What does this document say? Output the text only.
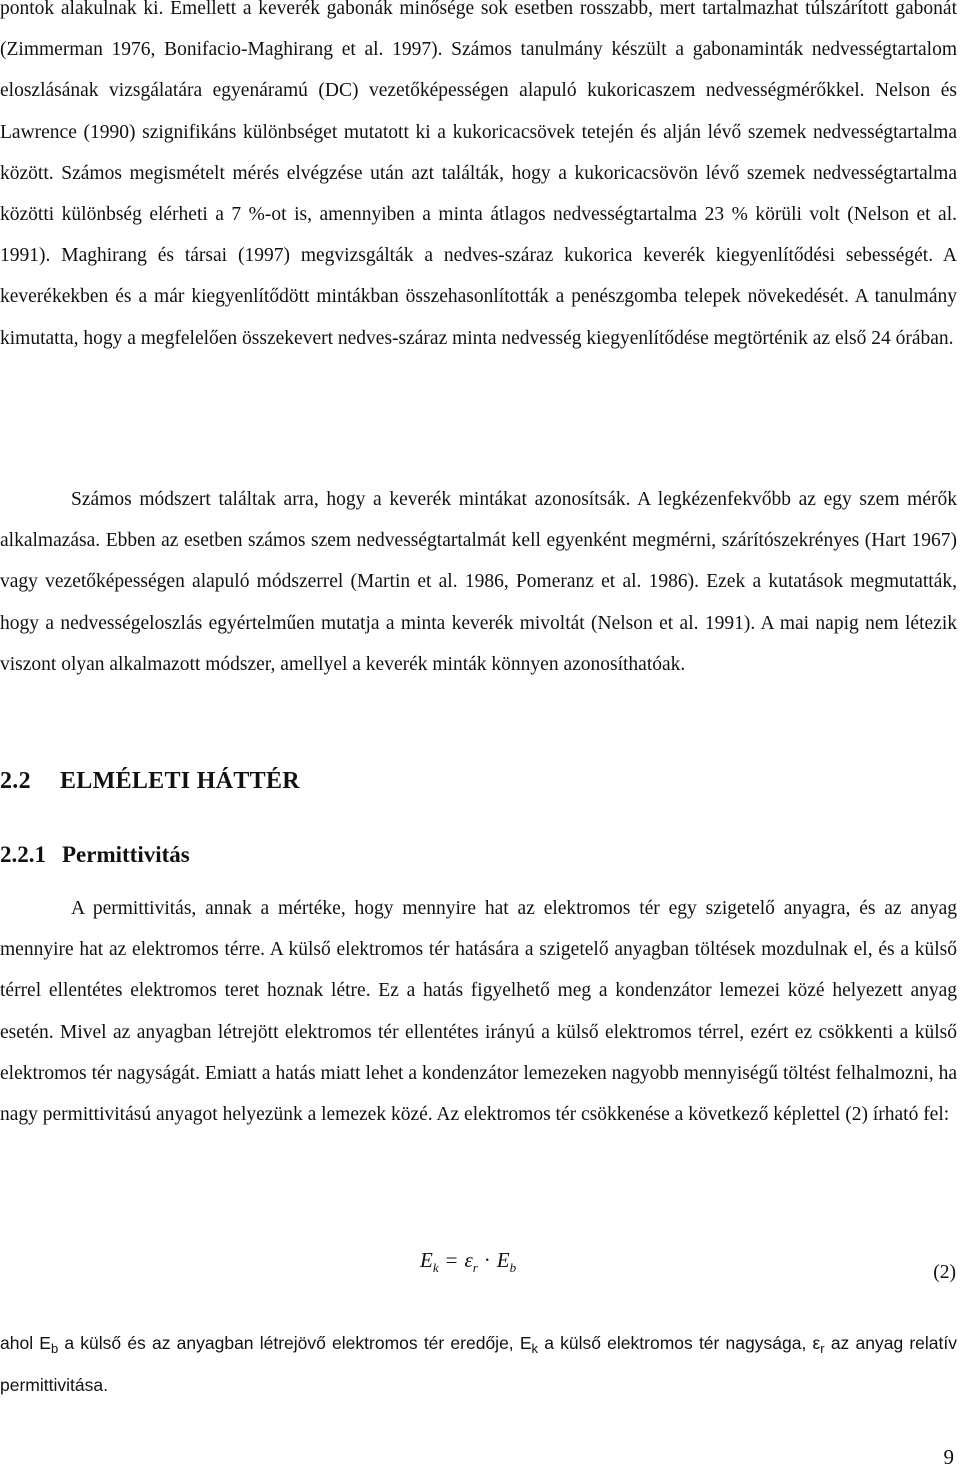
pontok alakulnak ki. Emellett a keverék gabonák minősége sok esetben rosszabb, mert tartalmazhat túlszárított gabonát (Zimmerman 1976, Bonifacio-Maghirang et al. 1997). Számos tanulmány készült a gabonaminták nedvességtartalom eloszlásának vizsgálatára egyenáramú (DC) vezetőképességen alapuló kukoricaszem nedvességmérőkkel. Nelson és Lawrence (1990) szignifikáns különbséget mutatott ki a kukoricacsövek tetején és alján lévő szemek nedvességtartalma között. Számos megismételt mérés elvégzése után azt találták, hogy a kukoricacsövön lévő szemek nedvességtartalma közötti különbség elérheti a 7 %-ot is, amennyiben a minta átlagos nedvességtartalma 23 % körüli volt (Nelson et al. 1991). Maghirang és társai (1997) megvizsgálták a nedves-száraz kukorica keverék kiegyenlítődési sebességét. A keverékekben és a már kiegyenlítődött mintákban összehasonlították a penészgomba telepek növekedését. A tanulmány kimutatta, hogy a megfelelően összekevert nedves-száraz minta nedvesség kiegyenlítődése megtörténik az első 24 órában.

Számos módszert találtak arra, hogy a keverék mintákat azonosítsák. A legkézenfekvőbb az egy szem mérők alkalmazása. Ebben az esetben számos szem nedvességtartalmát kell egyenként megmérni, szárítószekrényes (Hart 1967) vagy vezetőképességen alapuló módszerrel (Martin et al. 1986, Pomeranz et al. 1986). Ezek a kutatások megmutatták, hogy a nedvességeloszlás egyértelműen mutatja a minta keverék mivoltát (Nelson et al. 1991). A mai napig nem létezik viszont olyan alkalmazott módszer, amellyel a keverék minták könnyen azonosíthatóak.

2.2 ELMÉLETI HÁTTÉR
2.2.1 Permittivitás

A permittivitás, annak a mértéke, hogy mennyire hat az elektromos tér egy szigetelő anyagra, és az anyag mennyire hat az elektromos térre. A külső elektromos tér hatására a szigetelő anyagban töltések mozdulnak el, és a külső térrel ellentétes elektromos teret hoznak létre. Ez a hatás figyelhető meg a kondenzátor lemezei közé helyezett anyag esetén. Mivel az anyagban létrejött elektromos tér ellentétes irányú a külső elektromos térrel, ezért ez csökkenti a külső elektromos tér nagyságát. Emiatt a hatás miatt lehet a kondenzátor lemezeken nagyobb mennyiségű töltést felhalmozni, ha nagy permittivitású anyagot helyezünk a lemezek közé. Az elektromos tér csökkenése a következő képlettel (2) írható fel:

$E_k = \varepsilon_r \cdot E_b$	(2)

ahol $E_b$ a külső és az anyagban létrejövő elektromos tér eredője, $E_k$ a külső elektromos tér nagysága, $\varepsilon_r$ az anyag relatív permittivitása.

9
